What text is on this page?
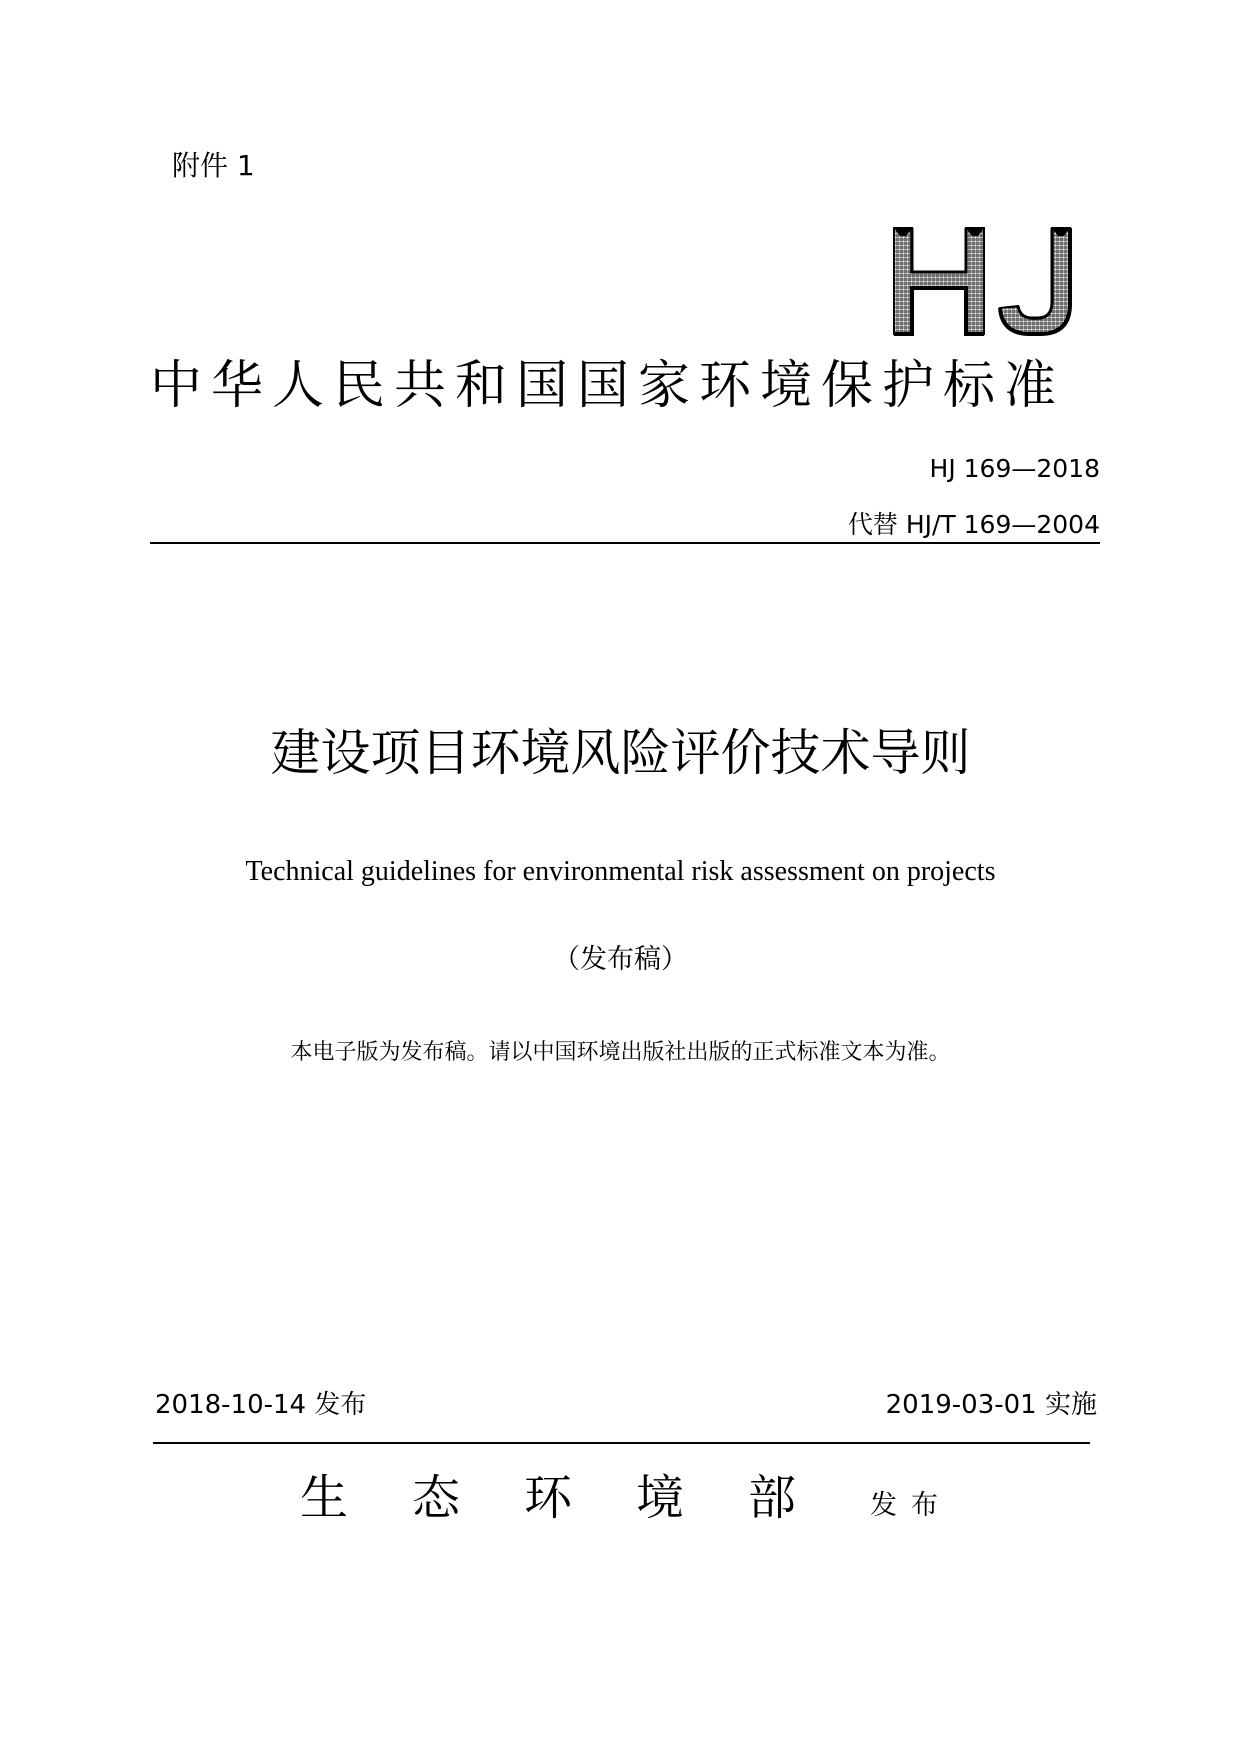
附件 1
中华人民共和国国家环境保护标准
HJ 169—2018
代替 HJ/T 169—2004
建设项目环境风险评价技术导则
Technical guidelines for environmental risk assessment on projects
（发布稿）
本电子版为发布稿。请以中国环境出版社出版的正式标准文本为准。
2018-10-14 发布	2019-03-01 实施
生态环境部 发布
